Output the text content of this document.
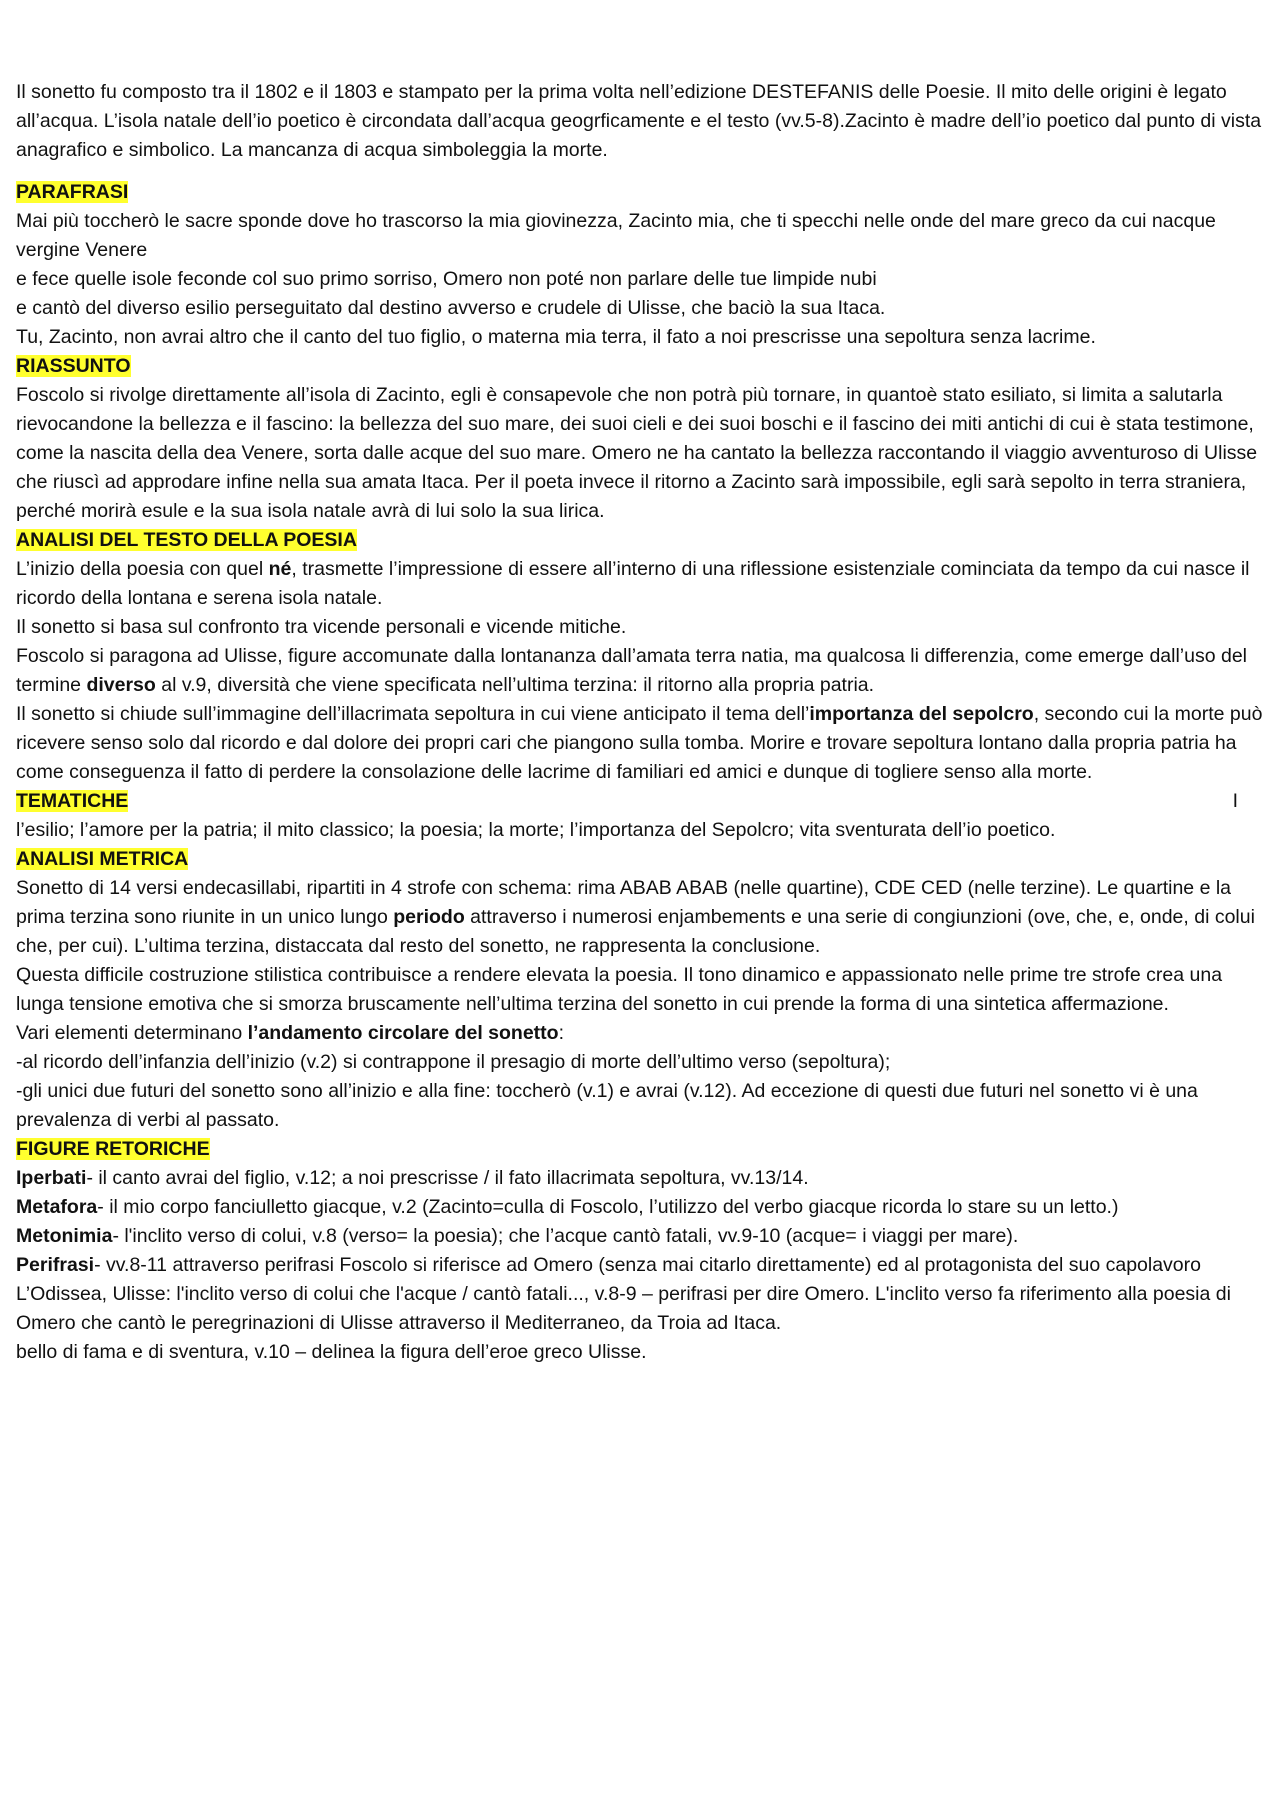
Il sonetto fu composto tra il 1802 e il 1803 e stampato per la prima volta nell’edizione DESTEFANIS delle Poesie. Il mito delle origini è legato all’acqua. L’isola natale dell’io poetico è circondata dall’acqua geogrficamente e el testo (vv.5-8).Zacinto è madre dell’io poetico dal punto di vista anagrafico e simbolico. La mancanza di acqua simboleggia la morte.

PARAFRASI

Mai più toccherò le sacre sponde dove ho trascorso la mia giovinezza, Zacinto mia, che ti specchi nelle onde del mare greco da cui nacque vergine Venere

e fece quelle isole feconde col suo primo sorriso, Omero non poté non parlare delle tue limpide nubi

e cantò del diverso esilio perseguitato dal destino avverso e crudele di Ulisse, che baciò la sua Itaca.

Tu, Zacinto, non avrai altro che il canto del tuo figlio, o materna mia terra, il fato a noi prescrisse una sepoltura senza lacrime.

RIASSUNTO

Foscolo si rivolge direttamente all’isola di Zacinto, egli è consapevole che non potrà più tornare, in quantoè stato esiliato, si limita a salutarla rievocandone la bellezza e il fascino: la bellezza del suo mare, dei suoi cieli e dei suoi boschi e il fascino dei miti antichi di cui è stata testimone, come la nascita della dea Venere, sorta dalle acque del suo mare. Omero ne ha cantato la bellezza raccontando il viaggio avventuroso di Ulisse che riuscì ad approdare infine nella sua amata Itaca. Per il poeta invece il ritorno a Zacinto sarà impossibile, egli sarà sepolto in terra straniera, perché morirà esule e la sua isola natale avrà di lui solo la sua lirica.

ANALISI DEL TESTO DELLA POESIA

L’inizio della poesia con quel né, trasmette l’impressione di essere all’interno di una riflessione esistenziale cominciata da tempo da cui nasce il ricordo della lontana e serena isola natale.

Il sonetto si basa sul confronto tra vicende personali e vicende mitiche.

Foscolo si paragona ad Ulisse, figure accomunate dalla lontananza dall’amata terra natia, ma qualcosa li differenzia, come emerge dall’uso del termine diverso al v.9, diversità che viene specificata nell’ultima terzina: il ritorno alla propria patria.

Il sonetto si chiude sull’immagine dell’illacrimata sepoltura in cui viene anticipato il tema dell’importanza del sepolcro, secondo cui la morte può ricevere senso solo dal ricordo e dal dolore dei propri cari che piangono sulla tomba. Morire e trovare sepoltura lontano dalla propria patria ha come conseguenza il fatto di perdere la consolazione delle lacrime di familiari ed amici e dunque di togliere senso alla morte.

TEMATICHE	I

l’esilio; l’amore per la patria; il mito classico; la poesia; la morte; l’importanza del Sepolcro; vita sventurata dell’io poetico.

ANALISI METRICA

Sonetto di 14 versi endecasillabi, ripartiti in 4 strofe con schema: rima ABAB ABAB (nelle quartine), CDE CED (nelle terzine). Le quartine e la prima terzina sono riunite in un unico lungo periodo attraverso i numerosi enjambements e una serie di congiunzioni (ove, che, e, onde, di colui che, per cui). L’ultima terzina, distaccata dal resto del sonetto, ne rappresenta la conclusione.

Questa difficile costruzione stilistica contribuisce a rendere elevata la poesia. Il tono dinamico e appassionato nelle prime tre strofe crea una lunga tensione emotiva che si smorza bruscamente nell’ultima terzina del sonetto in cui prende la forma di una sintetica affermazione.

Vari elementi determinano l’andamento circolare del sonetto:

-al ricordo dell’infanzia dell’inizio (v.2) si contrappone il presagio di morte dell’ultimo verso (sepoltura);

-gli unici due futuri del sonetto sono all’inizio e alla fine: toccherò (v.1) e avrai (v.12). Ad eccezione di questi due futuri nel sonetto vi è una prevalenza di verbi al passato.

FIGURE RETORICHE

Iperbati- il canto avrai del figlio, v.12; a noi prescrisse / il fato illacrimata sepoltura, vv.13/14.

Metafora- il mio corpo fanciulletto giacque, v.2 (Zacinto=culla di Foscolo, l’utilizzo del verbo giacque ricorda lo stare su un letto.)

Metonimia- l'inclito verso di colui, v.8 (verso= la poesia); che l’acque cantò fatali, vv.9-10 (acque= i viaggi per mare).

Perifrasi- vv.8-11 attraverso perifrasi Foscolo si riferisce ad Omero (senza mai citarlo direttamente) ed al protagonista del suo capolavoro L’Odissea, Ulisse: l'inclito verso di colui che l'acque / cantò fatali..., v.8-9 – perifrasi per dire Omero. L'inclito verso fa riferimento alla poesia di Omero che cantò le peregrinazioni di Ulisse attraverso il Mediterraneo, da Troia ad Itaca.

bello di fama e di sventura, v.10 – delinea la figura dell’eroe greco Ulisse.
